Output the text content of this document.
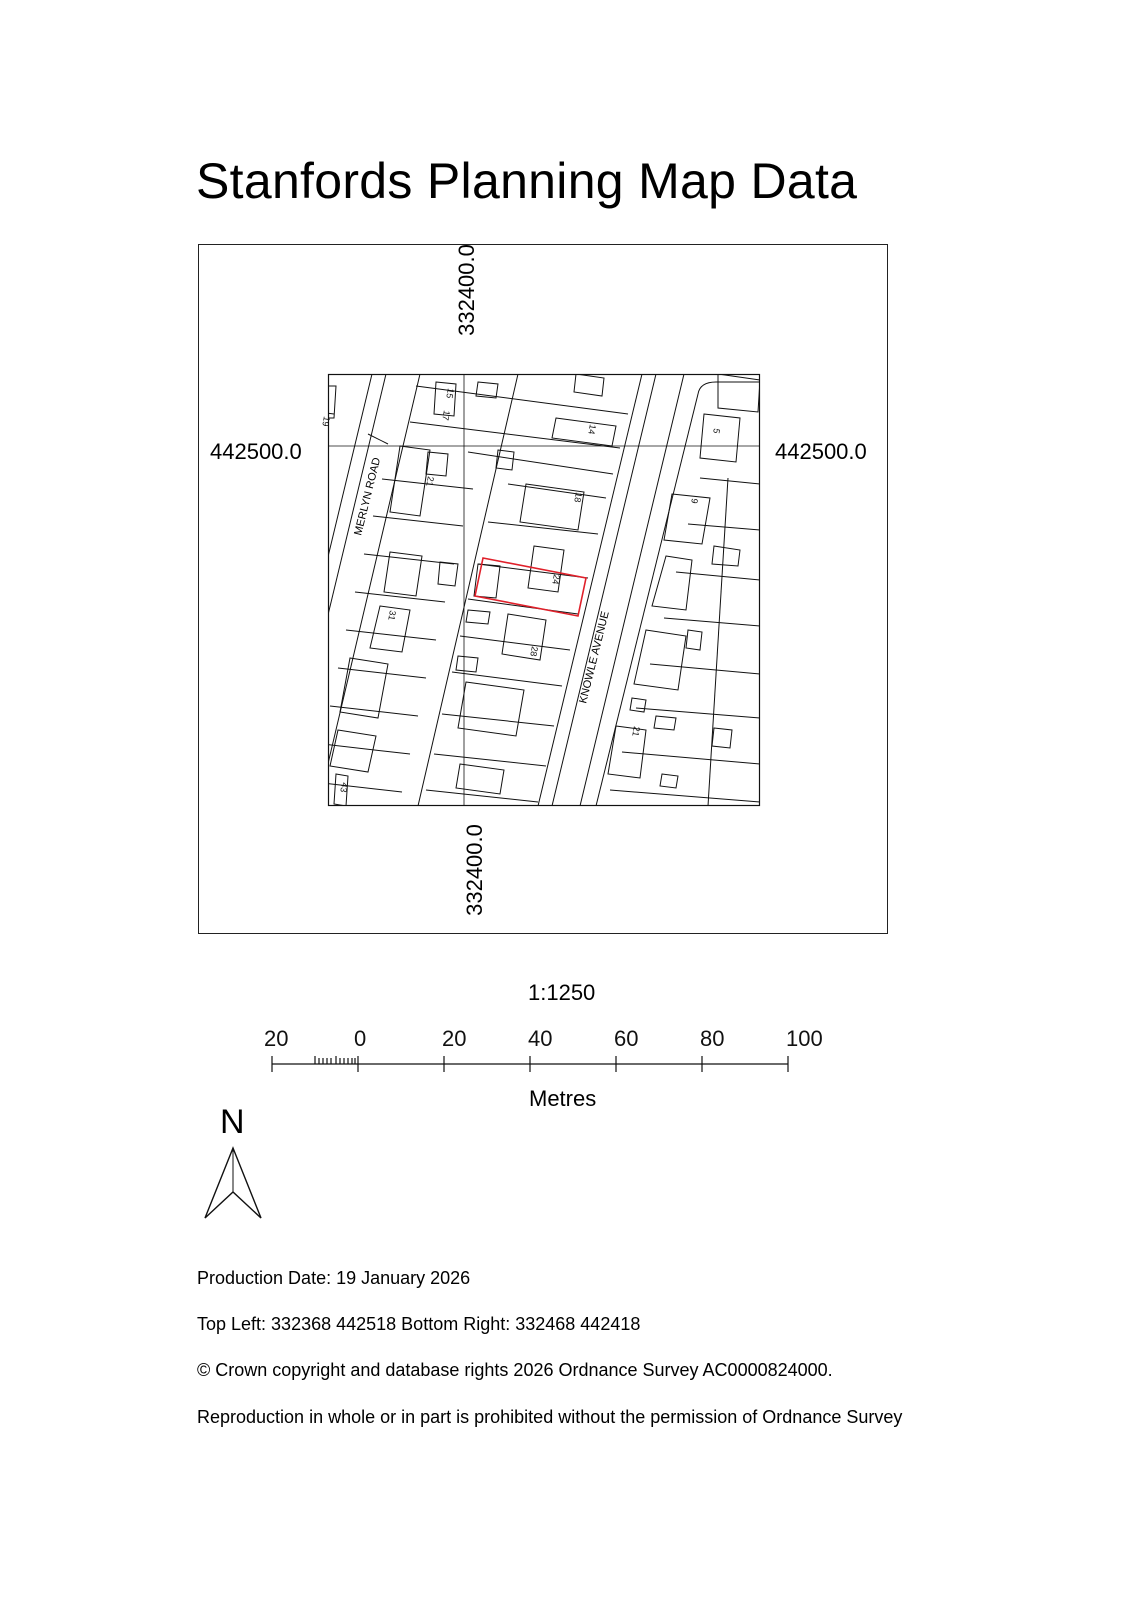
Stanfords Planning Map Data
442500.0	442500.0
332400.0
332400.0
MERLYN ROAD
KNOWLE AVENUE
15
17
19
14	5
21
18	9
24
31
28
21
43
1:1250
20	0	20	40	60	80	100
Metres
N
Production Date: 19 January 2026
Top Left: 332368 442518 Bottom Right: 332468 442418
© Crown copyright and database rights 2026 Ordnance Survey AC0000824000.
Reproduction in whole or in part is prohibited without the permission of Ordnance Survey
